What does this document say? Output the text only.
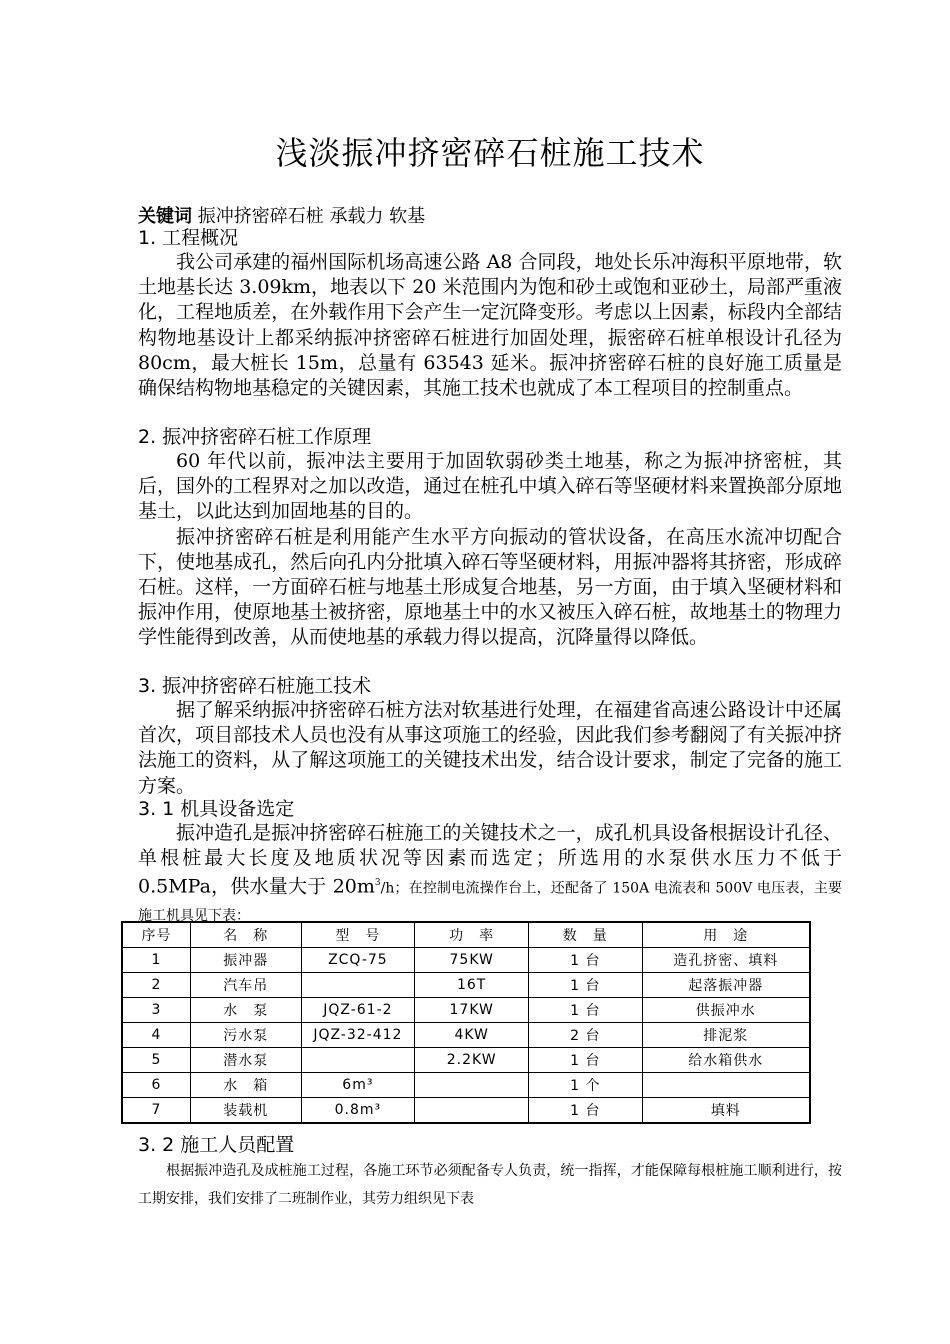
浅淡振冲挤密碎石桩施工技术
关键词 振冲挤密碎石桩 承载力 软基
1. 工程概况
我公司承建的福州国际机场高速公路 A8 合同段，地处长乐冲海积平原地带，软土地基长达 3.09km，地表以下 20 米范围内为饱和砂土或饱和亚砂土，局部严重液化，工程地质差，在外载作用下会产生一定沉降变形。考虑以上因素，标段内全部结构物地基设计上都采纳振冲挤密碎石桩进行加固处理，振密碎石桩单根设计孔径为 80cm，最大桩长 15m，总量有 63543 延米。振冲挤密碎石桩的良好施工质量是确保结构物地基稳定的关键因素，其施工技术也就成了本工程项目的控制重点。
2. 振冲挤密碎石桩工作原理
60 年代以前，振冲法主要用于加固软弱砂类土地基，称之为振冲挤密桩，其后，国外的工程界对之加以改造，通过在桩孔中填入碎石等坚硬材料来置换部分原地基土，以此达到加固地基的目的。
振冲挤密碎石桩是利用能产生水平方向振动的管状设备，在高压水流冲切配合下，使地基成孔，然后向孔内分批填入碎石等坚硬材料，用振冲器将其挤密，形成碎石桩。这样，一方面碎石桩与地基土形成复合地基，另一方面，由于填入坚硬材料和振冲作用，使原地基土被挤密，原地基土中的水又被压入碎石桩，故地基土的物理力学性能得到改善，从而使地基的承载力得以提高，沉降量得以降低。
3. 振冲挤密碎石桩施工技术
据了解采纳振冲挤密碎石桩方法对软基进行处理，在福建省高速公路设计中还属首次，项目部技术人员也没有从事这项施工的经验，因此我们参考翻阅了有关振冲挤法施工的资料，从了解这项施工的关键技术出发，结合设计要求，制定了完备的施工方案。
3. 1 机具设备选定
振冲造孔是振冲挤密碎石桩施工的关键技术之一，成孔机具设备根据设计孔径、单根桩最大长度及地质状况等因素而选定；所选用的水泵供水压力不低于 0.5MPa，供水量大于 $20m^3/h$；在控制电流操作台上，还配备了 150A 电流表和 500V 电压表，主要施工机具见下表：
序号	名　称	型　号	功　率	数　量	用　途
1	振冲器	ZCQ-75	75KW	1 台	造孔挤密、填料
2	汽车吊		16T	1 台	起落振冲器
3	水　泵	JQZ-61-2	17KW	1 台	供振冲水
4	污水泵	JQZ-32-412	4KW	2 台	排泥浆
5	潜水泵		2.2KW	1 台	给水箱供水
6	水　箱	6m³		1 个	
7	装载机	0.8m³		1 台	填料
3. 2 施工人员配置
根据振冲造孔及成桩施工过程，各施工环节必须配备专人负责，统一指挥，才能保障每根桩施工顺利进行，按工期安排，我们安排了二班制作业，其劳力组织见下表
